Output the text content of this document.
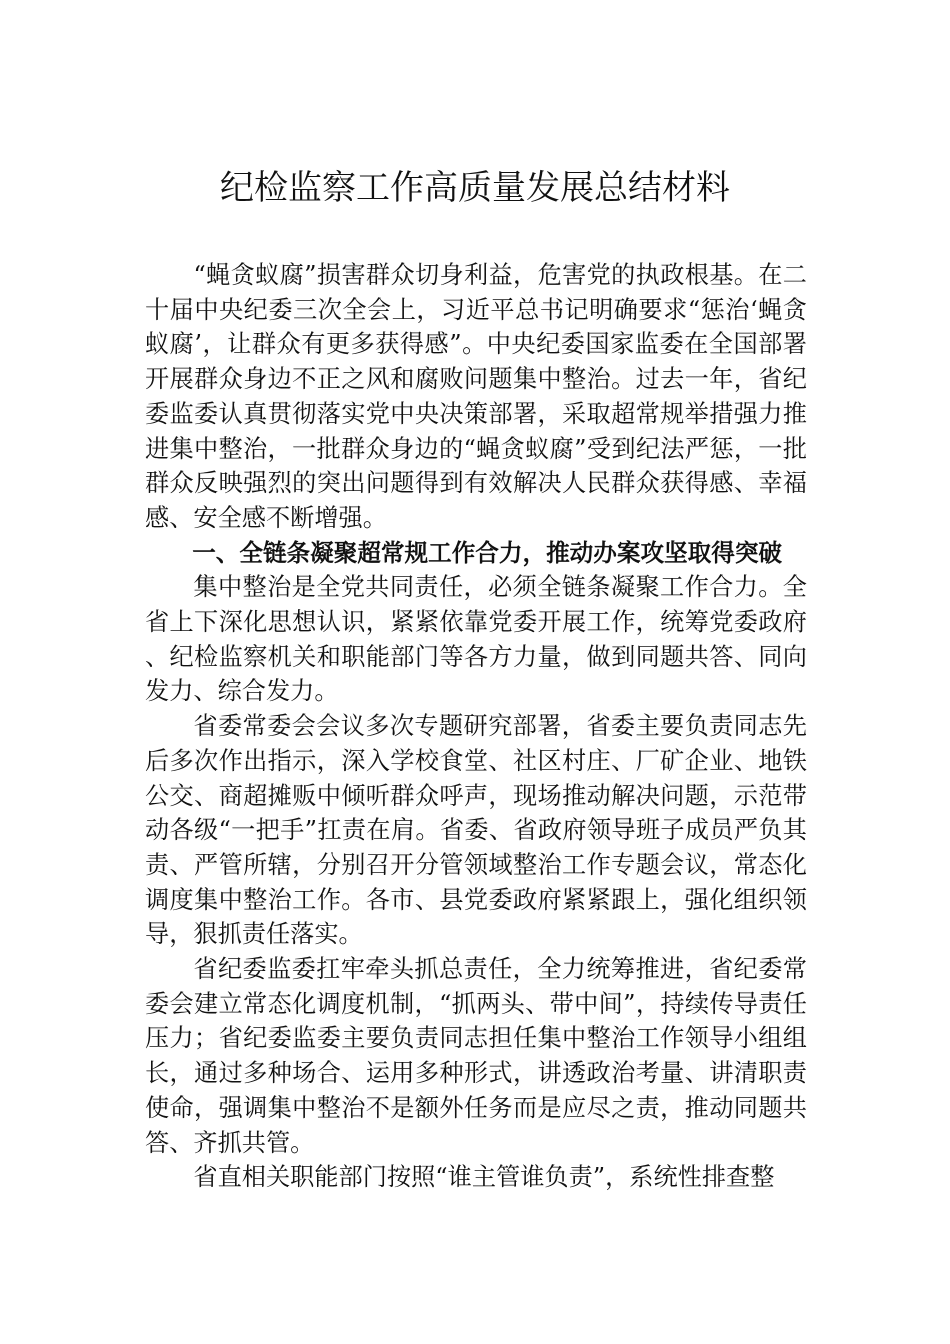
纪检监察工作高质量发展总结材料

“蝇贪蚁腐”损害群众切身利益，危害党的执政根基。在二十届中央纪委三次全会上，习近平总书记明确要求“惩治‘蝇贪蚁腐’，让群众有更多获得感”。中央纪委国家监委在全国部署开展群众身边不正之风和腐败问题集中整治。过去一年，省纪委监委认真贯彻落实党中央决策部署，采取超常规举措强力推进集中整治，一批群众身边的“蝇贪蚁腐”受到纪法严惩，一批群众反映强烈的突出问题得到有效解决人民群众获得感、幸福感、安全感不断增强。

一、全链条凝聚超常规工作合力，推动办案攻坚取得突破

集中整治是全党共同责任，必须全链条凝聚工作合力。全省上下深化思想认识，紧紧依靠党委开展工作，统筹党委政府、纪检监察机关和职能部门等各方力量，做到同题共答、同向发力、综合发力。

省委常委会会议多次专题研究部署，省委主要负责同志先后多次作出指示，深入学校食堂、社区村庄、厂矿企业、地铁公交、商超摊贩中倾听群众呼声，现场推动解决问题，示范带动各级“一把手”扛责在肩。省委、省政府领导班子成员严负其责、严管所辖，分别召开分管领域整治工作专题会议，常态化调度集中整治工作。各市、县党委政府紧紧跟上，强化组织领导，狠抓责任落实。

省纪委监委扛牢牵头抓总责任，全力统筹推进，省纪委常委会建立常态化调度机制，“抓两头、带中间”，持续传导责任压力；省纪委监委主要负责同志担任集中整治工作领导小组组长，通过多种场合、运用多种形式，讲透政治考量、讲清职责使命，强调集中整治不是额外任务而是应尽之责，推动同题共答、齐抓共管。

省直相关职能部门按照“谁主管谁负责”，系统性排查整
